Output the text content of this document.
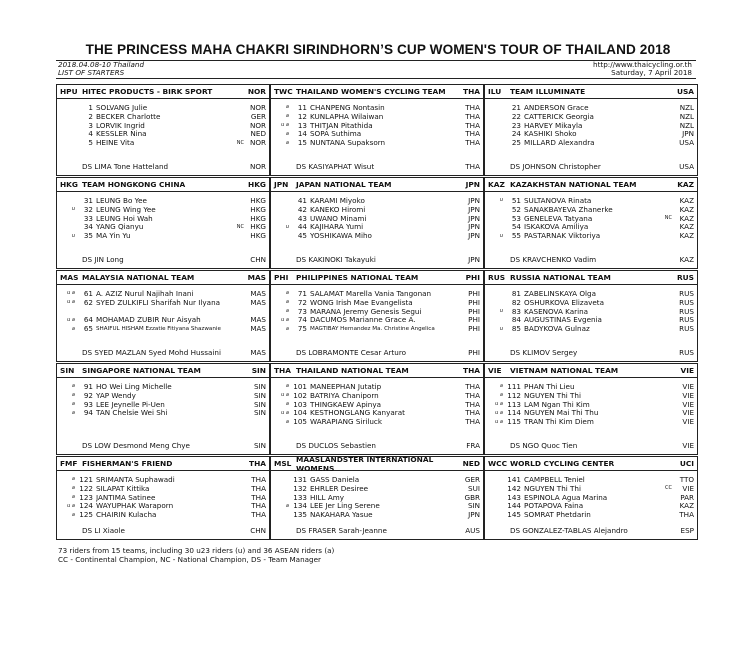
THE PRINCESS MAHA CHAKRI SIRINDHORN’S CUP WOMEN'S TOUR OF THAILAND 2018
2018.04.08-10 Thailand
LIST OF STARTERS
http://www.thaicycling.or.th
Saturday, 7 April 2018
HPU HITEC PRODUCTS - BIRK SPORT	NOR
1 SOLVANG Julie	NOR
2 BECKER Charlotte	GER
3 LORVIK Ingrid	NOR
4 KESSLER Nina	NED
5 HEINE Vita	NC NOR
DS LIMA Tone Hatteland	NOR
TWC THAILAND WOMEN'S CYCLING TEAM	THA
a	11 CHANPENG Nontasin	THA
a	12 KUNLAPHA Wilaiwan	THA
u a	13 THITJAN Pitathida	THA
a	14 SOPA Suthima	THA
a	15 NUNTANA Supaksorn	THA
DS KASIYAPHAT Wisut	THA
ILU	TEAM ILLUMINATE	USA
21 ANDERSON Grace	NZL
22 CATTERICK Georgia	NZL
23 HARVEY Mikayla	NZL
24 KASHIKI Shoko	JPN
25 MILLARD Alexandra	USA
DS JOHNSON Christopher	USA
HKG TEAM HONGKONG CHINA	HKG
31 LEUNG Bo Yee	HKG
u	32 LEUNG Wing Yee	HKG
33 LEUNG Hoi Wah	HKG
34 YANG Qianyu	NC HKG
u	35 MA Yin Yu	HKG
DS JIN Long	CHN
JPN	JAPAN NATIONAL TEAM	JPN
41 KARAMI Miyoko	JPN
42 KANEKO Hiromi	JPN
43 UWANO Minami	JPN
u	44 KAJIHARA Yumi	JPN
45 YOSHIKAWA Miho	JPN
DS KAKINOKI Takayuki	JPN
KAZ KAZAKHSTAN NATIONAL TEAM	KAZ
u	51 SULTANOVA Rinata	KAZ
52 SANAKBAYEVA Zhanerke	KAZ
53 GENELEVA Tatyana	NC	KAZ
54 ISKAKOVA Amiliya	KAZ
u	55 PASTARNAK Viktoriya	KAZ
DS KRAVCHENKO Vadim	KAZ
MAS MALAYSIA NATIONAL TEAM	MAS
u a	61 A. AZIZ Nurul Najihah Inani	MAS
u a	62 SYED ZULKIFLI Sharifah Nur Ilyana	MAS
u a	64 MOHAMAD ZUBIR Nur Aisyah	MAS
a	65 SHAIFUL HISHAM Ezzatie Fitiyana Shazwanie	MAS
DS SYED MAZLAN Syed Mohd Hussaini	MAS
PHI	PHILIPPINES NATIONAL TEAM	PHI
a	71 SALAMAT Marella Vania Tangonan	PHI
a	72 WONG Irish Mae Evangelista	PHI
a	73 MARANA Jeremy Genesis Segui	PHI
u a	74 DACUMOS Marianne Grace A.	PHI
a	75 MAGTIBAY Hernandez Ma. Christine Angelica	PHI
DS LOBRAMONTE Cesar Arturo	PHI
RUS RUSSIA NATIONAL TEAM	RUS
81 ZABELINSKAYA Olga	RUS
82 OSHURKOVA Elizaveta	RUS
u	83 KASENOVA Karina	RUS
84 AUGUSTINAS Evgenia	RUS
u	85 BADYKOVA Gulnaz	RUS
DS KLIMOV Sergey	RUS
SIN	SINGAPORE NATIONAL TEAM	SIN
a	91 HO Wei Ling Michelle	SIN
a	92 YAP Wendy	SIN
a	93 LEE Jeynelle Pi-Uen	SIN
a	94 TAN Chelsie Wei Shi	SIN
DS LOW Desmond Meng Chye	SIN
THA THAILAND NATIONAL TEAM	THA
a 101 MANEEPHAN Jutatip	THA
u a 102 BATRIYA Chaniporn	THA
a 103 THINGKAEW Apinya	THA
u a 104 KESTHONGLANG Kanyarat	THA
a 105 WARAPIANG Siriluck	THA
DS DUCLOS Sebastien	FRA
VIE	VIETNAM NATIONAL TEAM	VIE
a 111 PHAN Thi Lieu	VIE
a 112 NGUYEN Thi Thi	VIE
u a 113 LAM Ngan Thi Kim	VIE
u a 114 NGUYEN Mai Thi Thu	VIE
u a 115 TRAN Thi Kim Diem	VIE
DS NGO Quoc Tien	VIE
FMF FISHERMAN'S FRIEND	THA
a 121 SRIMANTA Suphawadi	THA
a 122 SILAPAT Kittika	THA
a 123 JANTIMA Satinee	THA
u a 124 WAYUPHAK Waraporn	THA
a 125 CHAIRIN Kulacha	THA
DS LI Xiaole	CHN
MSL MAASLANDSTER INTERNATIONAL WOMENS	NED
131 GASS Daniela	GER
132 EHRLER Desiree	SUI
133 HILL Amy	GBR
a 134 LEE Jer Ling Serene	SIN
135 NAKAHARA Yasue	JPN
DS FRASER Sarah-Jeanne	AUS
WCC WORLD CYCLING CENTER	UCI
141 CAMPBELL Teniel	TTO
142 NGUYEN Thi Thi	CC	VIE
143 ESPINOLA Agua Marina	PAR
144 POTAPOVA Faina	KAZ
145 SOMRAT Phetdarin	THA
DS GONZALEZ-TABLAS Alejandro	ESP
73 riders from 15 teams, including 30 u23 riders (u) and 36 ASEAN riders (a)
CC - Continental Champion, NC - National Champion, DS - Team Manager
